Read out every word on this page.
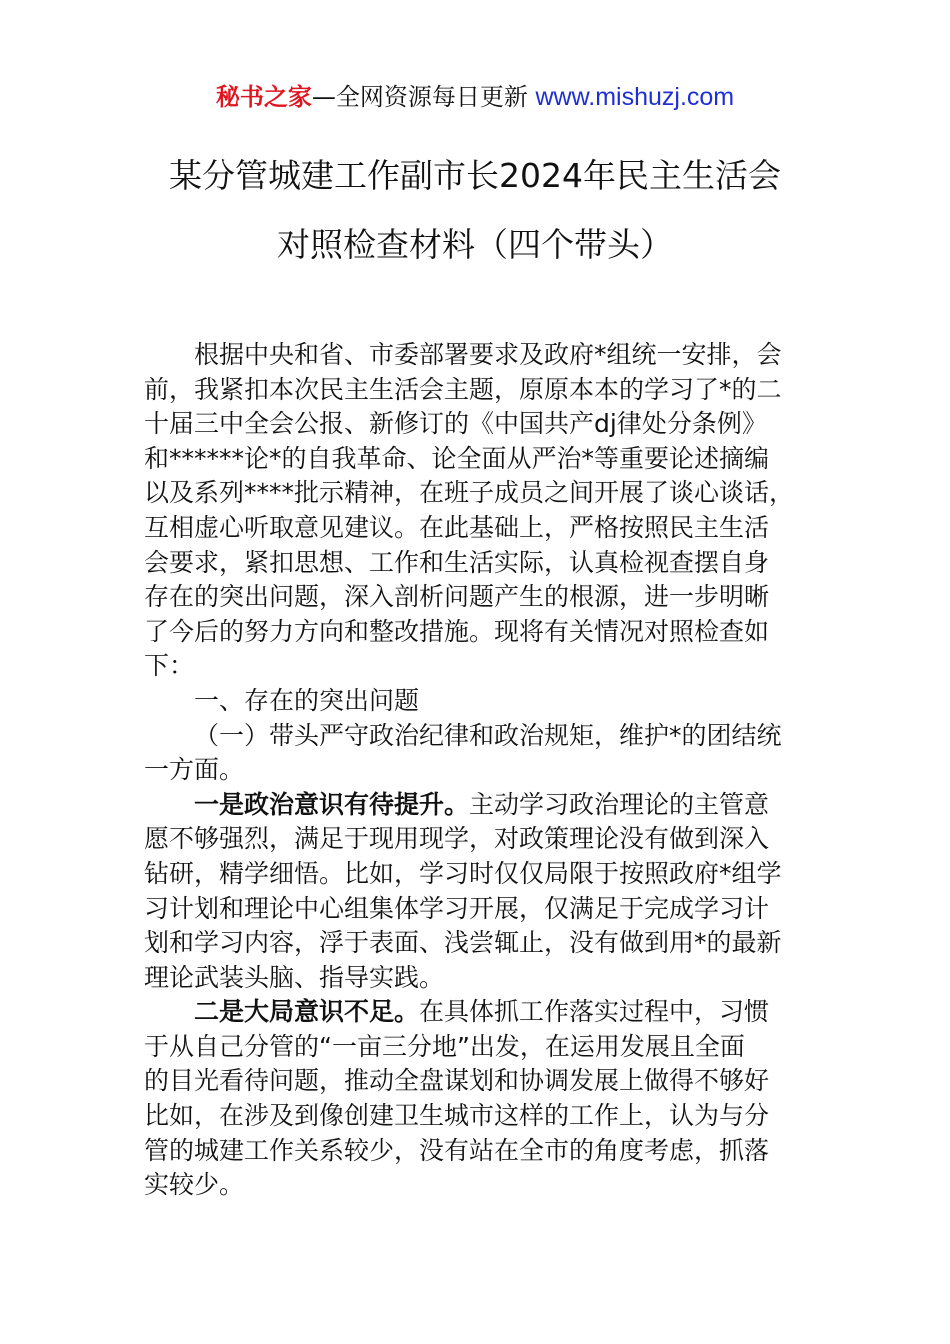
秘书之家—全网资源每日更新 www.mishuzj.com
某分管城建工作副市长2024年民主生活会
对照检查材料（四个带头）
根据中央和省、市委部署要求及政府*组统一安排，会
前，我紧扣本次民主生活会主题，原原本本的学习了*的二
十届三中全会公报、新修订的《中国共产dj律处分条例》
和******论*的自我革命、论全面从严治*等重要论述摘编
以及系列****批示精神，在班子成员之间开展了谈心谈话，
互相虚心听取意见建议。在此基础上，严格按照民主生活
会要求，紧扣思想、工作和生活实际，认真检视查摆自身
存在的突出问题，深入剖析问题产生的根源，进一步明晰
了今后的努力方向和整改措施。现将有关情况对照检查如
下：
一、存在的突出问题
（一）带头严守政治纪律和政治规矩，维护*的团结统
一方面。
一是政治意识有待提升。主动学习政治理论的主管意
愿不够强烈，满足于现用现学，对政策理论没有做到深入
钻研，精学细悟。比如，学习时仅仅局限于按照政府*组学
习计划和理论中心组集体学习开展，仅满足于完成学习计
划和学习内容，浮于表面、浅尝辄止，没有做到用*的最新
理论武装头脑、指导实践。
二是大局意识不足。在具体抓工作落实过程中，习惯
于从自己分管的“一亩三分地”出发，在运用发展且全面
的目光看待问题，推动全盘谋划和协调发展上做得不够好
比如，在涉及到像创建卫生城市这样的工作上，认为与分
管的城建工作关系较少，没有站在全市的角度考虑，抓落
实较少。
